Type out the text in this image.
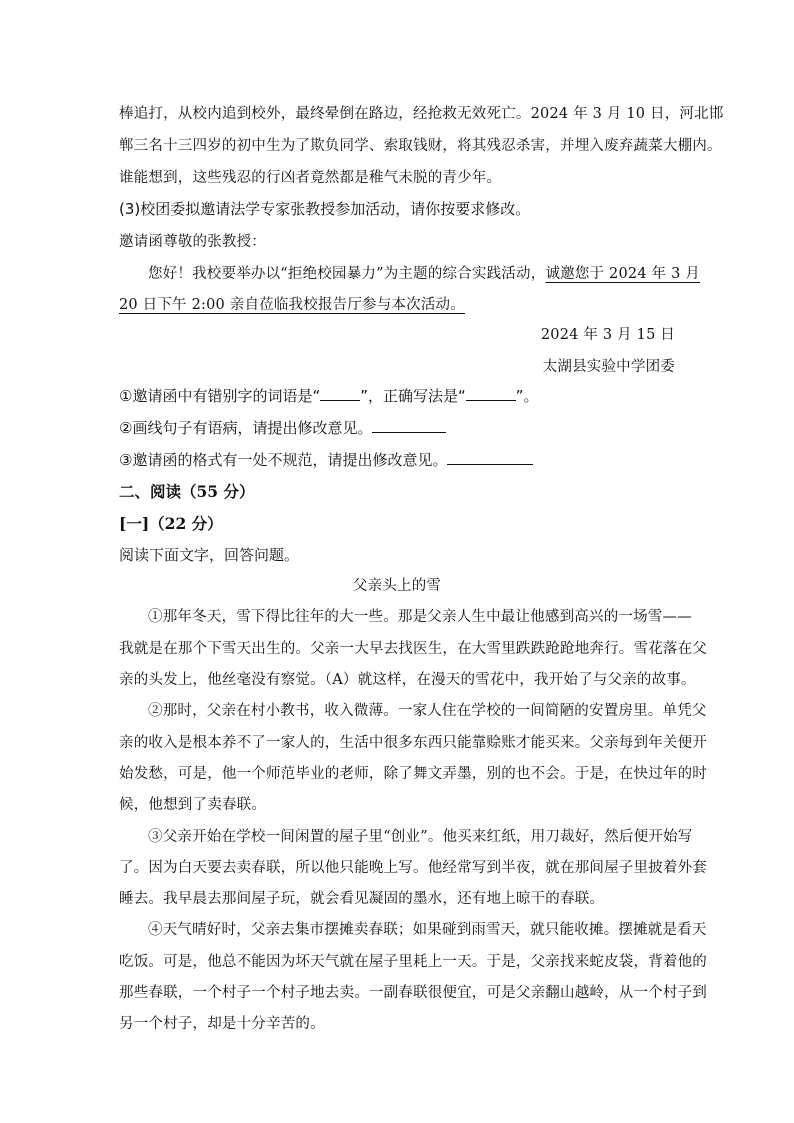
棒追打，从校内追到校外，最终晕倒在路边，经抢救无效死亡。2024 年 3 月 10 日，河北邯
郸三名十三四岁的初中生为了欺负同学、索取钱财，将其残忍杀害，并埋入废弃蔬菜大棚内。
谁能想到，这些残忍的行凶者竟然都是稚气未脱的青少年。
(3)校团委拟邀请法学专家张教授参加活动，请你按要求修改。
邀请函尊敬的张教授：
您好！我校要举办以“拒绝校园暴力”为主题的综合实践活动，诚邀您于 2024 年 3 月
20 日下午 2:00 亲自莅临我校报告厅参与本次活动。
2024 年 3 月 15 日
太湖县实验中学团委
①邀请函中有错别字的词语是“	”，正确写法是“	”。
②画线句子有语病，请提出修改意见。
③邀请函的格式有一处不规范，请提出修改意见。
二、阅读（55 分）
[一]（22 分）
阅读下面文字，回答问题。
父亲头上的雪
①那年冬天，雪下得比往年的大一些。那是父亲人生中最让他感到高兴的一场雪——
我就是在那个下雪天出生的。父亲一大早去找医生，在大雪里跌跌跄跄地奔行。雪花落在父
亲的头发上，他丝毫没有察觉。（A）就这样，在漫天的雪花中，我开始了与父亲的故事。
②那时，父亲在村小教书，收入微薄。一家人住在学校的一间简陋的安置房里。单凭父
亲的收入是根本养不了一家人的，生活中很多东西只能靠赊账才能买来。父亲每到年关便开
始发愁，可是，他一个师范毕业的老师，除了舞文弄墨，别的也不会。于是，在快过年的时
候，他想到了卖春联。
③父亲开始在学校一间闲置的屋子里“创业”。他买来红纸，用刀裁好，然后便开始写
了。因为白天要去卖春联，所以他只能晚上写。他经常写到半夜，就在那间屋子里披着外套
睡去。我早晨去那间屋子玩，就会看见凝固的墨水，还有地上晾干的春联。
④天气晴好时，父亲去集市摆摊卖春联；如果碰到雨雪天，就只能收摊。摆摊就是看天
吃饭。可是，他总不能因为坏天气就在屋子里耗上一天。于是，父亲找来蛇皮袋，背着他的
那些春联，一个村子一个村子地去卖。一副春联很便宜，可是父亲翻山越岭，从一个村子到
另一个村子，却是十分辛苦的。
